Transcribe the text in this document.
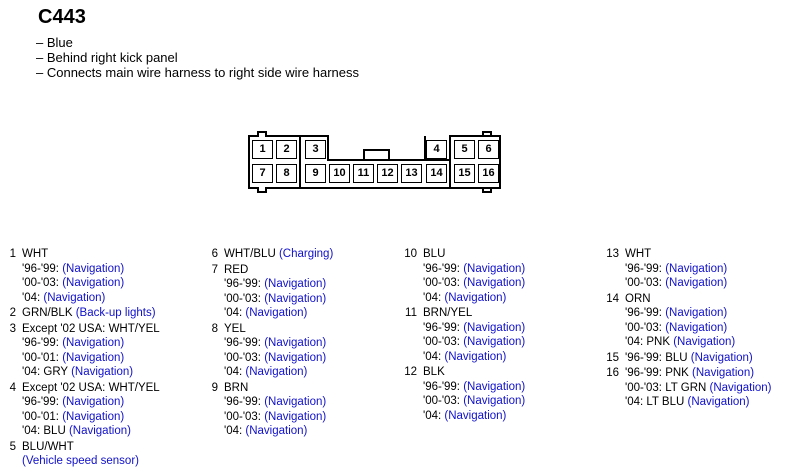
C443
– Blue
– Behind right kick panel
– Connects main wire harness to right side wire harness
1	2	3	4	5	6
7	8	9	10	11	12	13	14	15	16
1 WHT
'96-'99: (Navigation)
'00-'03: (Navigation)
'04: (Navigation)
2 GRN/BLK (Back-up lights)
3 Except '02 USA: WHT/YEL
'96-'99: (Navigation)
'00-'01: (Navigation)
'04: GRY (Navigation)
4 Except '02 USA: WHT/YEL
'96-'99: (Navigation)
'00-'01: (Navigation)
'04: BLU (Navigation)
5 BLU/WHT
(Vehicle speed sensor)
6 WHT/BLU (Charging)
7 RED
'96-'99: (Navigation)
'00-'03: (Navigation)
'04: (Navigation)
8 YEL
'96-'99: (Navigation)
'00-'03: (Navigation)
'04: (Navigation)
9 BRN
'96-'99: (Navigation)
'00-'03: (Navigation)
'04: (Navigation)
10 BLU
'96-'99: (Navigation)
'00-'03: (Navigation)
'04: (Navigation)
11 BRN/YEL
'96-'99: (Navigation)
'00-'03: (Navigation)
'04: (Navigation)
12 BLK
'96-'99: (Navigation)
'00-'03: (Navigation)
'04: (Navigation)
13 WHT
'96-'99: (Navigation)
'00-'03: (Navigation)
14 ORN
'96-'99: (Navigation)
'00-'03: (Navigation)
'04: PNK (Navigation)
15 '96-'99: BLU (Navigation)
16 '96-'99: PNK (Navigation)
'00-'03: LT GRN (Navigation)
'04: LT BLU (Navigation)
